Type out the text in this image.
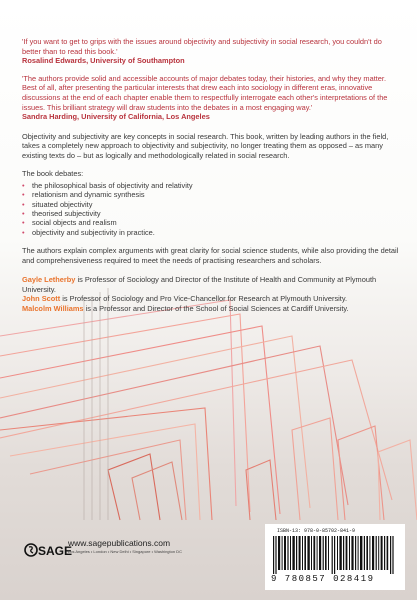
'If you want to get to grips with the issues around objectivity and subjectivity in social research, you couldn't do better than to read this book.'

Rosalind Edwards, University of Southampton

'The authors provide solid and accessible accounts of major debates today, their histories, and why they matter. Best of all, after presenting the particular interests that drew each into sociology in different eras, innovative discussions at the end of each chapter enable them to respectfully interrogate each other's interpretations of the issues. This brilliant strategy will draw students into the debates in a most engaging way.'

Sandra Harding, University of California, Los Angeles

Objectivity and subjectivity are key concepts in social research. This book, written by leading authors in the field, takes a completely new approach to objectivity and subjectivity, no longer treating them as opposed – as many existing texts do – but as logically and methodologically related in social research.

The book debates:

• the philosophical basis of objectivity and relativity
• relationism and dynamic synthesis
• situated objectivity
• theorised subjectivity
• social objects and realism
• objectivity and subjectivity in practice.

The authors explain complex arguments with great clarity for social science students, while also providing the detail and comprehensiveness required to meet the needs of practising researchers and scholars.

Gayle Letherby is Professor of Sociology and Director of the Institute of Health and Community at Plymouth University.

John Scott is Professor of Sociology and Pro Vice-Chancellor for Research at Plymouth University.

Malcolm Williams is a Professor and Director of the School of Social Sciences at Cardiff University.

SAGE
www.sagepublications.com
Los Angeles • London • New Delhi • Singapore • Washington DC
ISBN-13: 978-0-85702-841-9
9 780857 028419
